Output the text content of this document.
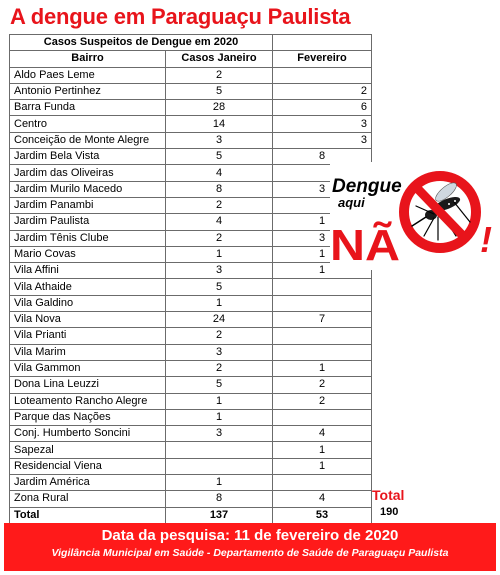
A dengue em Paraguaçu Paulista
Casos Suspeitos de Dengue em 2020		
Bairro	Casos Janeiro	Fevereiro
Aldo Paes Leme	2	
Antonio Pertinhez	5	2
Barra Funda	28	6
Centro	14	3
Conceição de Monte Alegre	3	3
Jardim Bela Vista	5	8
Jardim das Oliveiras	4	
Jardim Murilo Macedo	8	3
Jardim Panambi	2	
Jardim Paulista	4	1
Jardim Tênis Clube	2	3
Mario Covas	1	1
Vila Affini	3	1
Vila Athaide	5	
Vila Galdino	1	
Vila Nova	24	7
Vila Prianti	2	
Vila Marim	3	
Vila Gammon	2	1
Dona Lina Leuzzi	5	2
Loteamento Rancho Alegre	1	2
Parque das Nações	1	
Conj. Humberto Soncini	3	4
Sapezal		1
Residencial Viena		1
Jardim América	1	
Zona Rural	8	4
Total	137	53
Total
190
Dengue
aqui
NÃ !
Data da pesquisa: 11 de fevereiro de 2020
Vigilância Municipal em Saúde - Departamento de Saúde de Paraguaçu Paulista
